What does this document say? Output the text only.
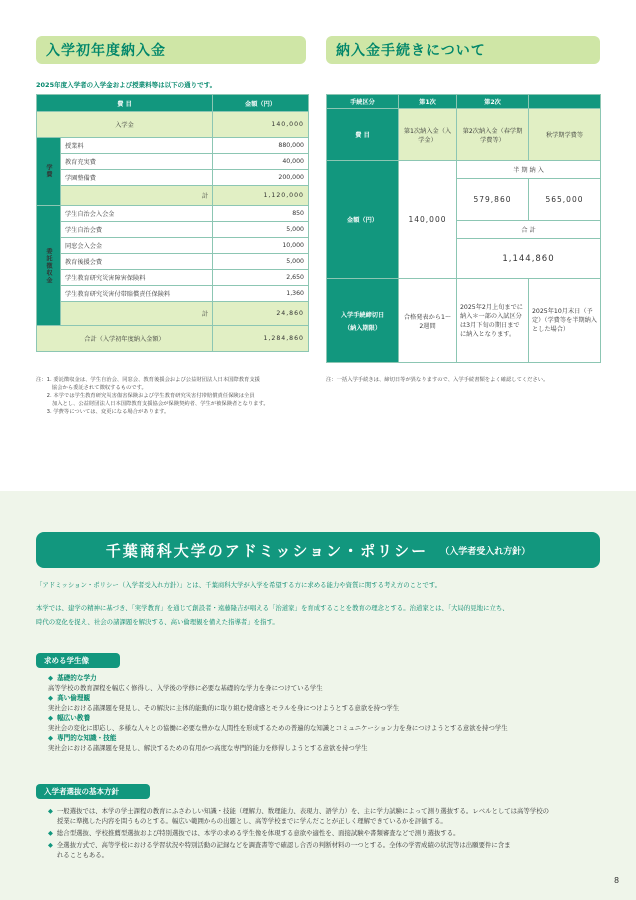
入学初年度納入金	納入金手続きについて
2025年度入学者の入学金および授業料等は以下の通りです。
費 目		金額（円）
入学金		140,000
学費	授業料	880,000
	教育充実費	40,000
	学園整備費	200,000
	計	1,120,000
委託徴収金	学生自治会入会金	850
	学生自治会費	5,000
	同窓会入会金	10,000
	教育後援会費	5,000
	学生教育研究災害障害保険料	2,650
	学生教育研究災害付帯賠償責任保険料	1,360
	計	24,860
合計（入学初年度納入金額）		1,284,860
注：1. 委託徴収金は、学生自治会、同窓会、教育後援会および公益財団法人日本国際教育支援
　　　協会から委託されて徴収するものです。
　　2. 本学では学生教育研究災害傷害保険および学生教育研究災害付帯賠償責任保険は全員
　　　加入とし、公益財団法人日本国際教育支援協会が保険契約者、学生が被保険者となります。
　　3. 学費等については、変更になる場合があります。
手続区分	第1次	第2次	
費 目	第1次納入金（入学金）	第2次納入金（春学期学費等）	秋学期学費等
金額（円）	140,000	半 期 納 入	
		579,860	565,000
		合 計	
		1,144,860	

入学手続締切日
（納入期限）	合格発表から1～2週間	2025年2月上旬までに納入＊一部の入試区分は3月下旬の期日までに納入となります。	2025年10月末日（予定）（学費等を半期納入とした場合）
注：一括入学手続きは、締切日等が異なりますので、入学手続書類をよく確認してください。
千葉商科大学のアドミッション・ポリシー （入学者受入れ方針）
「アドミッション・ポリシー（入学者受入れ方針）」とは、千葉商科大学が入学を希望する方に求める能力や資質に関する考え方のことです。
本学では、建学の精神に基づき、「実学教育」を通じて創設者・遠藤隆吉が唱える「治道家」を育成することを教育の理念とする。治道家とは、「大局的見地に立ち、
時代の変化を捉え、社会の諸課題を解決する、高い倫理観を備えた指導者」を指す。
求める学生像
◆ 基礎的な学力
高等学校の教育課程を幅広く修得し、入学後の学修に必要な基礎的な学力を身につけている学生
◆ 高い倫理観
実社会における諸課題を発見し、その解決に主体的能動的に取り組む使命感とモラルを身につけようとする意欲を持つ学生
◆ 幅広い教養
実社会の変化に即応し、多様な人々との協働に必要な豊かな人間性を形成するための普遍的な知識とコミュニケーション力を身につけようとする意欲を持つ学生
◆ 専門的な知識・技能
実社会における諸課題を発見し、解決するための有用かつ高度な専門的能力を修得しようとする意欲を持つ学生
入学者選抜の基本方針
◆ 一般選抜では、本学の学士課程の教育にふさわしい知識・技能（理解力、数理能力、表現力、語学力）を、主に学力試験によって測り選抜する。レベルとしては高等学校の
授業に準拠した内容を問うものとする。幅広い範囲からの出題とし、高等学校までに学んだことが正しく理解できているかを評価する。
◆ 総合型選抜、学校推薦型選抜および特別選抜では、本学の求める学生像を体現する意欲や適性を、面接試験や書類審査などで測り選抜する。
◆ 全選抜方式で、高等学校における学習状況や特別活動の記録などを調査書等で確認し合否の判断材料の一つとする。全体の学習成績の状況等は出願要件に含ま
れることもある。
8
